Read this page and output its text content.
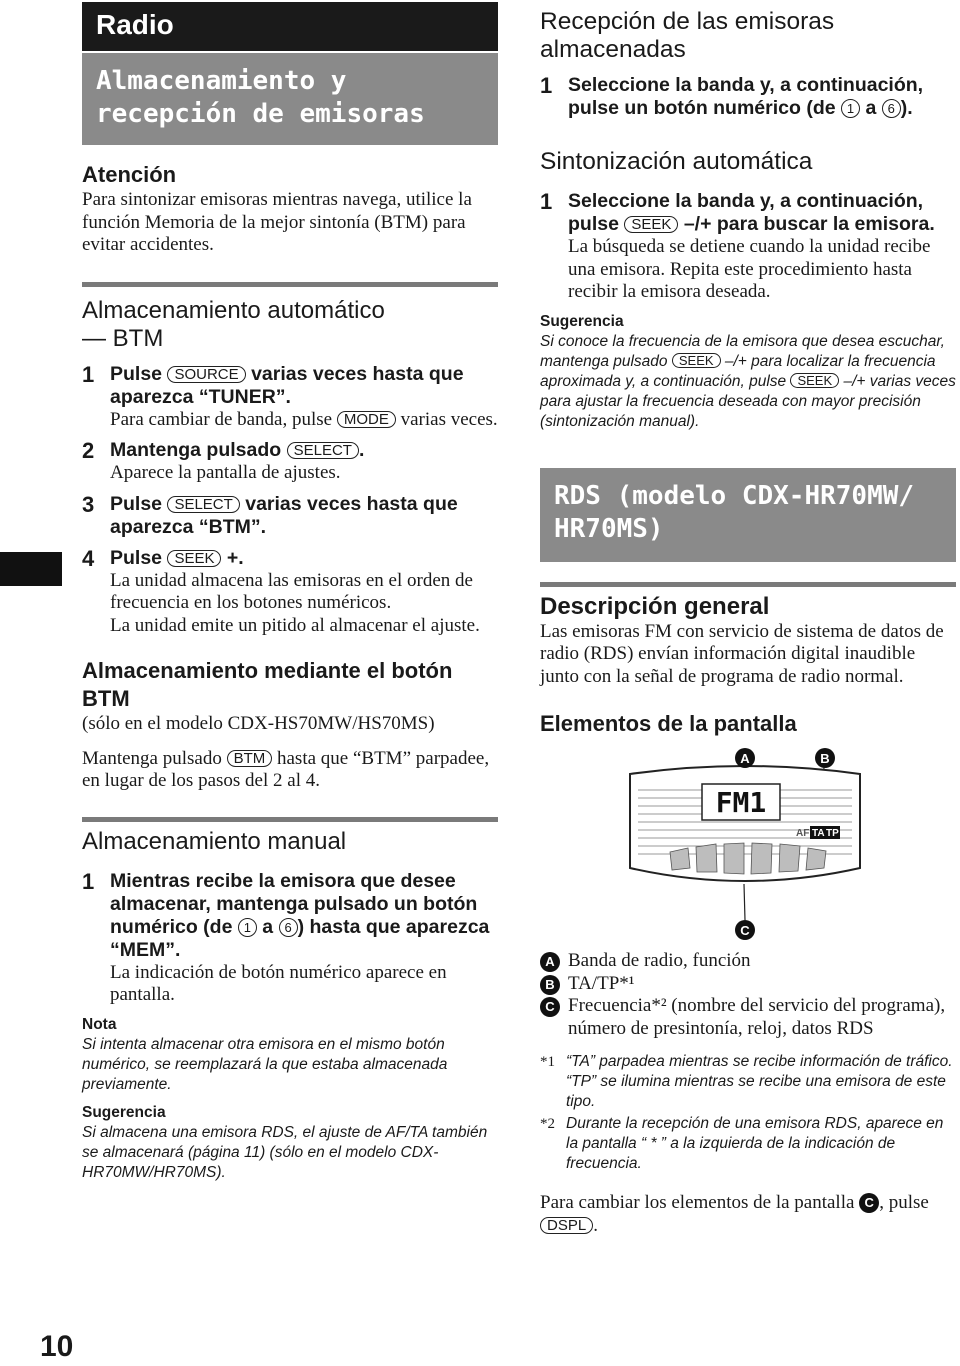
10
Radio
Almacenamiento y recepción de emisoras
Atención

Para sintonizar emisoras mientras navega, utilice la función Memoria de la mejor sintonía (BTM) para evitar accidentes.

Almacenamiento automático
— BTM
1 Pulse SOURCE varias veces hasta que aparezca “TUNER”.
Para cambiar de banda, pulse MODE varias veces.
2 Mantenga pulsado SELECT .
Aparece la pantalla de ajustes.
3 Pulse SELECT varias veces hasta que aparezca “BTM”.
4 Pulse SEEK +.
La unidad almacena las emisoras en el orden de frecuencia en los botones numéricos.
La unidad emite un pitido al almacenar el ajuste.
Almacenamiento mediante el botón BTM

(sólo en el modelo CDX-HS70MW/HS70MS)

Mantenga pulsado BTM hasta que “BTM” parpadee, en lugar de los pasos del 2 al 4.

Almacenamiento manual
1 Mientras recibe la emisora que desee almacenar, mantenga pulsado un botón numérico (de 1 a 6 ) hasta que aparezca “MEM”.
La indicación de botón numérico aparece en pantalla.
Nota

Si intenta almacenar otra emisora en el mismo botón numérico, se reemplazará la que estaba almacenada previamente.

Sugerencia

Si almacena una emisora RDS, el ajuste de AF/TA también se almacenará (página 11) (sólo en el modelo CDX-HR70MW/HR70MS).

Recepción de las emisoras almacenadas
1 Seleccione la banda y, a continuación, pulse un botón numérico (de 1 a 6 ).
Sintonización automática
1 Seleccione la banda y, a continuación, pulse SEEK –/+ para buscar la emisora.
La búsqueda se detiene cuando la unidad recibe una emisora. Repita este procedimiento hasta recibir la emisora deseada.
Sugerencia

Si conoce la frecuencia de la emisora que desea escuchar, mantenga pulsado SEEK –/+ para localizar la frecuencia aproximada y, a continuación, pulse SEEK –/+ varias veces para ajustar la frecuencia deseada con mayor precisión (sintonización manual).

RDS (modelo CDX-HR70MW/ HR70MS)
Descripción general

Las emisoras FM con servicio de sistema de datos de radio (RDS) envían información digital inaudible junto con la señal de programa de radio normal.

Elementos de la pantalla
FM1
AF TA TP
A	B
C
A Banda de radio, función
B TA/TP*¹
C Frecuencia*² (nombre del servicio del programa), número de presintonía, reloj, datos RDS
*1 “TA” parpadea mientras se recibe información de tráfico. “TP” se ilumina mientras se recibe una emisora de este tipo.

*2 Durante la recepción de una emisora RDS, aparece en la pantalla “ * ” a la izquierda de la indicación de frecuencia.

Para cambiar los elementos de la pantalla C , pulse DSPL .
